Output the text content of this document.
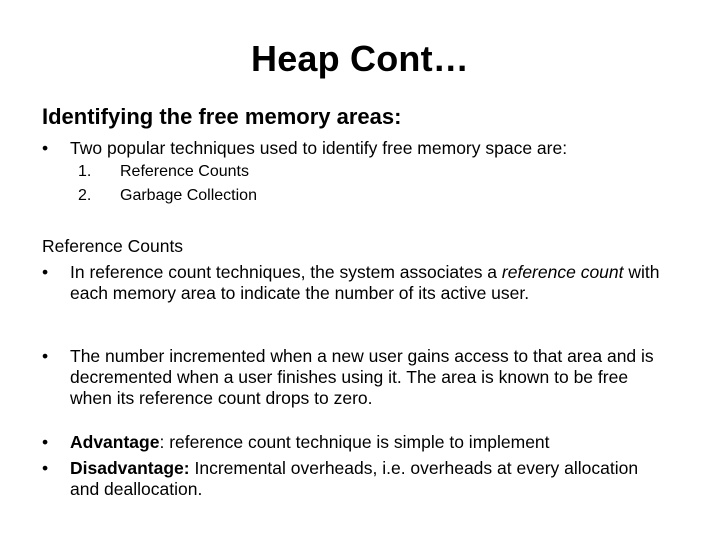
Heap Cont…
Identifying the free memory areas:
• Two popular techniques used to identify free memory space are:
1. Reference Counts
2. Garbage Collection
Reference Counts
• In reference count techniques, the system associates a reference count with each memory area to indicate the number of its active user.
• The number incremented when a new user gains access to that area and is decremented when a user finishes using it. The area is known to be free when its reference count drops to zero.
• Advantage: reference count technique is simple to implement
• Disadvantage: Incremental overheads, i.e. overheads at every allocation and deallocation.
